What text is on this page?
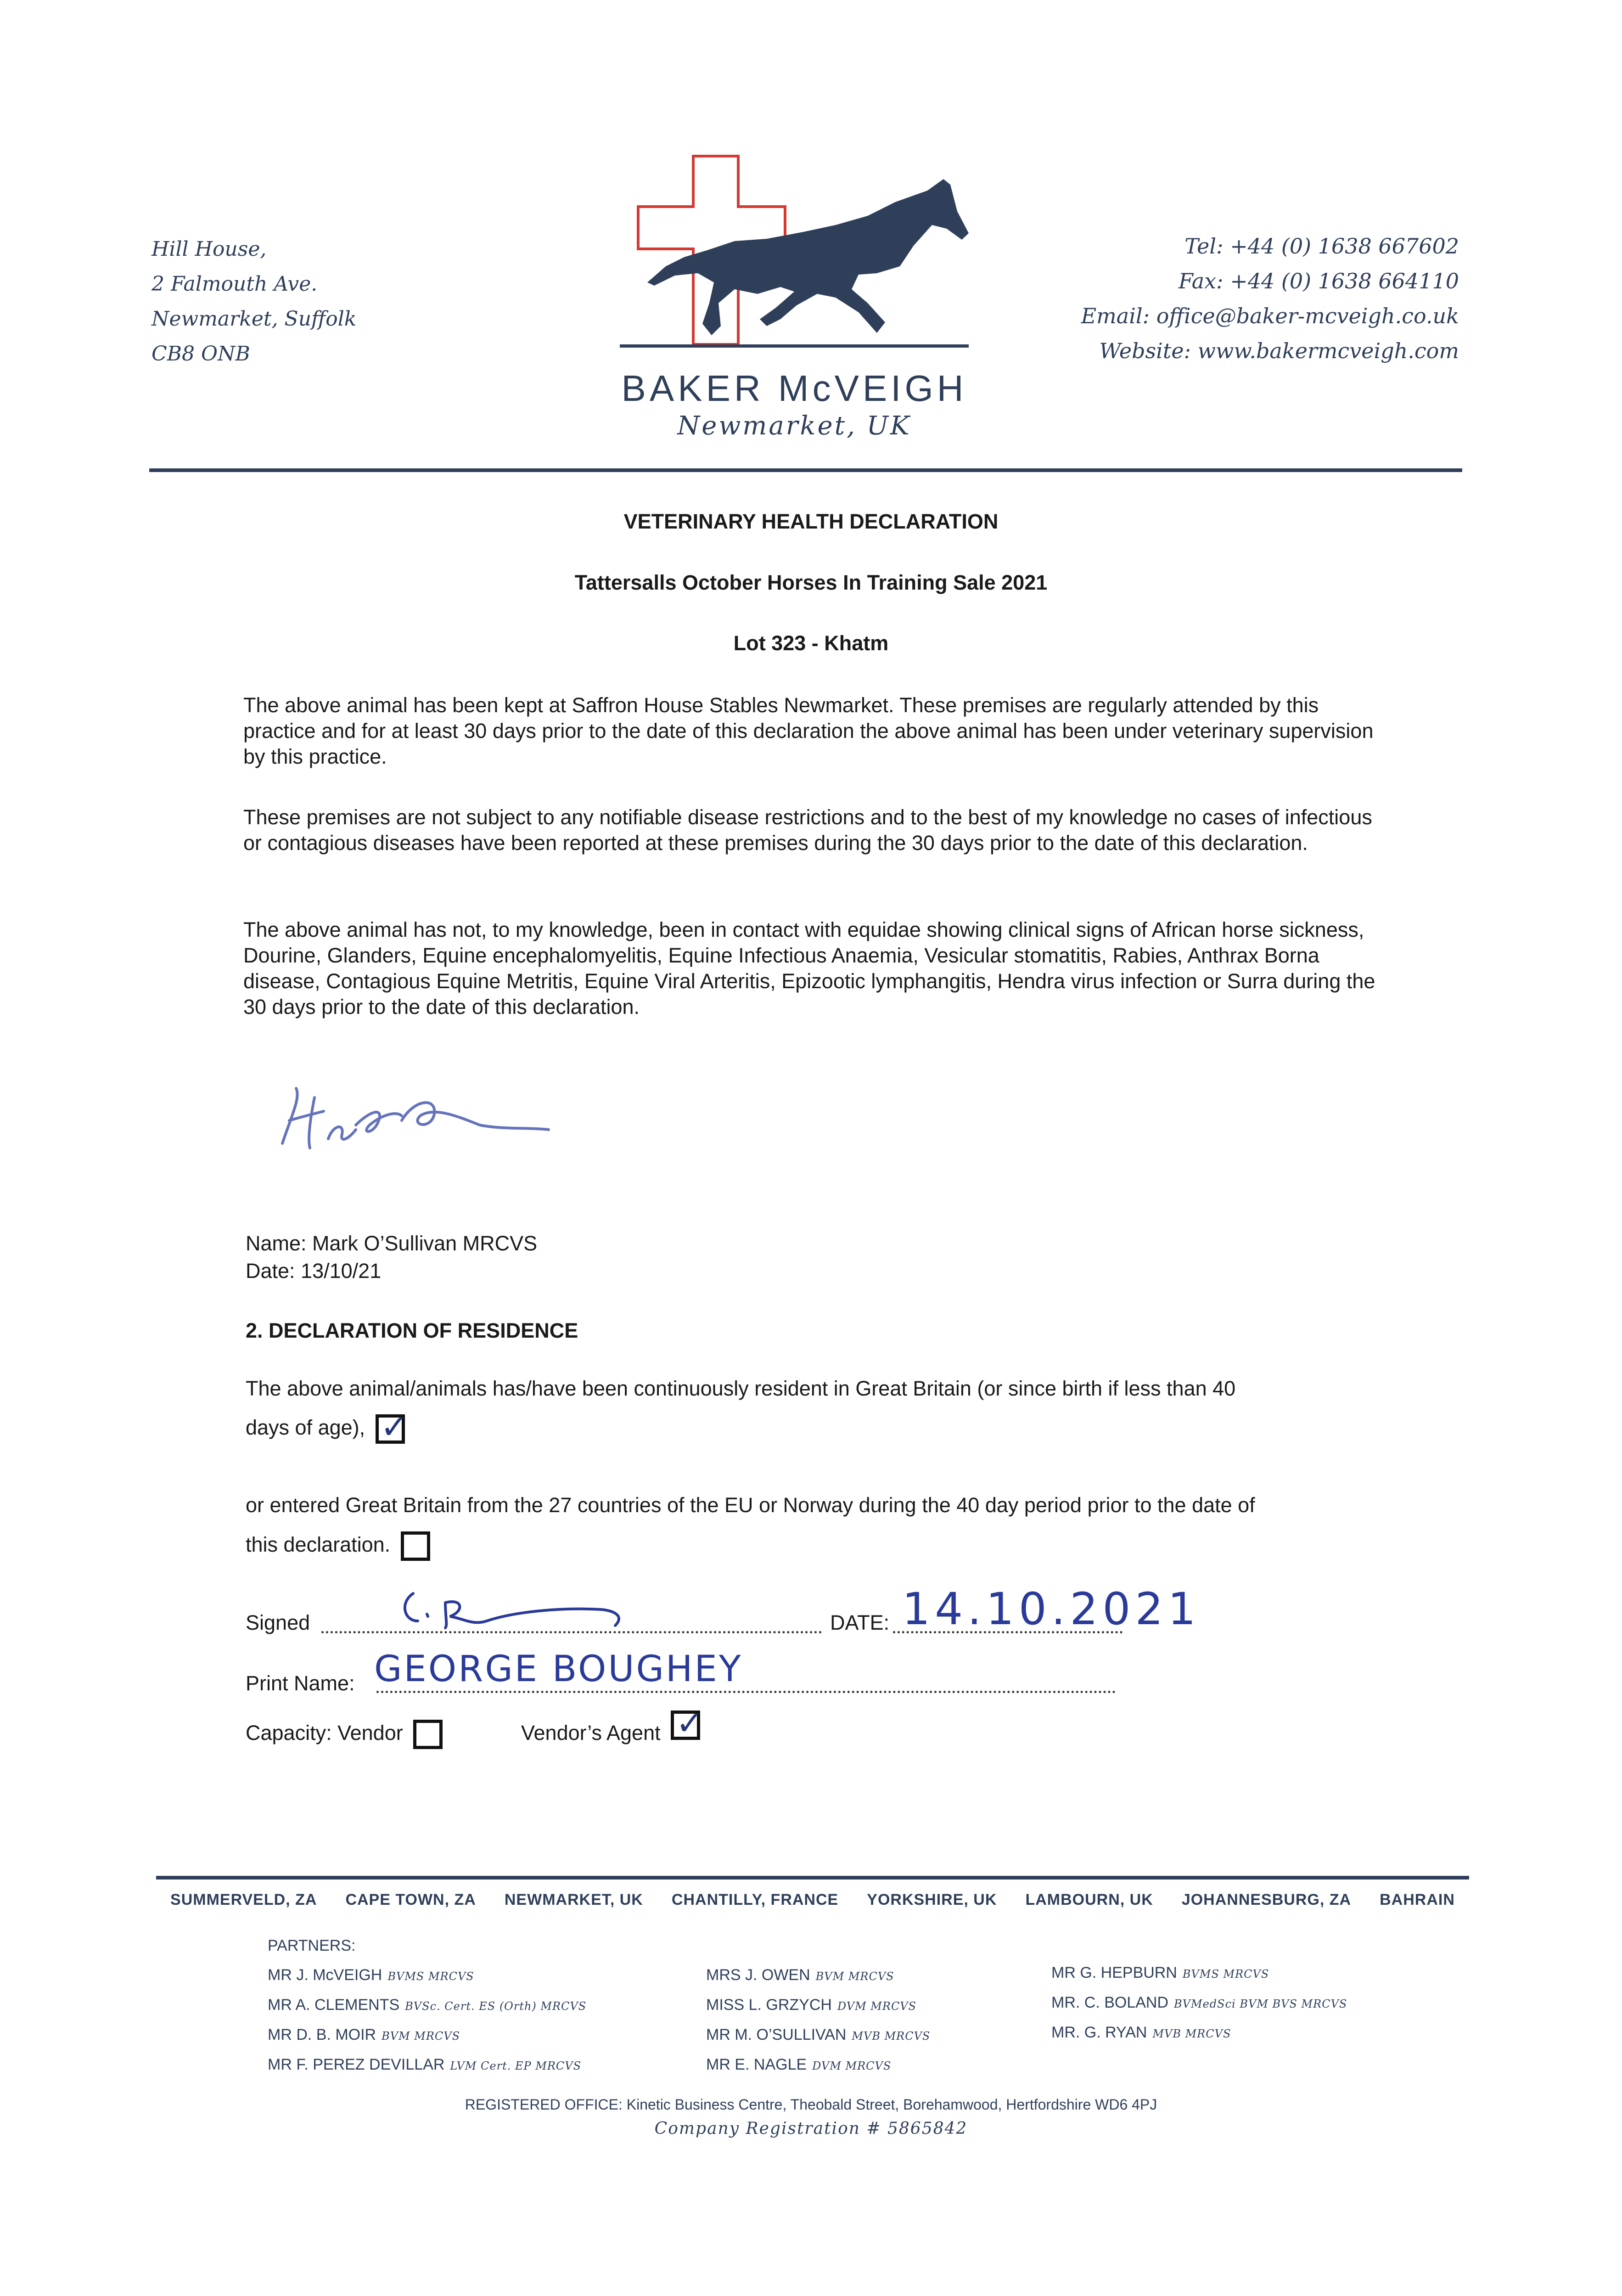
Hill House,
2 Falmouth Ave.
Newmarket, Suffolk
CB8 ONB
BAKER McVEIGH
Newmarket, UK
Tel: +44 (0) 1638 667602
Fax: +44 (0) 1638 664110
Email: office@baker-mcveigh.co.uk
Website: www.bakermcveigh.com
VETERINARY HEALTH DECLARATION
Tattersalls October Horses In Training Sale 2021
Lot 323 - Khatm
The above animal has been kept at Saffron House Stables Newmarket. These premises are regularly attended by this practice and for at least 30 days prior to the date of this declaration the above animal has been under veterinary supervision by this practice.
These premises are not subject to any notifiable disease restrictions and to the best of my knowledge no cases of infectious or contagious diseases have been reported at these premises during the 30 days prior to the date of this declaration.
The above animal has not, to my knowledge, been in contact with equidae showing clinical signs of African horse sickness, Dourine, Glanders, Equine encephalomyelitis, Equine Infectious Anaemia, Vesicular stomatitis, Rabies, Anthrax Borna disease, Contagious Equine Metritis, Equine Viral Arteritis, Epizootic lymphangitis, Hendra virus infection or Surra during the 30 days prior to the date of this declaration.
Name: Mark O’Sullivan MRCVS
Date: 13/10/21
2. DECLARATION OF RESIDENCE
The above animal/animals has/have been continuously resident in Great Britain (or since birth if less than 40
days of age), ✓
or entered Great Britain from the 27 countries of the EU or Norway during the 40 day period prior to the date of
this declaration.
Signed	DATE: 14.10.2021
Print Name: GEORGE BOUGHEY
Capacity: Vendor	Vendor’s Agent ✓
SUMMERVELD, ZA CAPE TOWN, ZA NEWMARKET, UK CHANTILLY, FRANCE YORKSHIRE, UK LAMBOURN, UK JOHANNESBURG, ZA BAHRAIN
PARTNERS:
MR J. McVEIGH BVMS MRCVS
MR A. CLEMENTS BVSc. Cert. ES (Orth) MRCVS
MR D. B. MOIR BVM MRCVS
MR F. PEREZ DEVILLAR LVM Cert. EP MRCVS
MRS J. OWEN BVM MRCVS
MISS L. GRZYCH DVM MRCVS
MR M. O’SULLIVAN MVB MRCVS
MR E. NAGLE DVM MRCVS
MR G. HEPBURN BVMS MRCVS
MR. C. BOLAND BVMedSci BVM BVS MRCVS
MR. G. RYAN MVB MRCVS
REGISTERED OFFICE: Kinetic Business Centre, Theobald Street, Borehamwood, Hertfordshire WD6 4PJ
Company Registration # 5865842
